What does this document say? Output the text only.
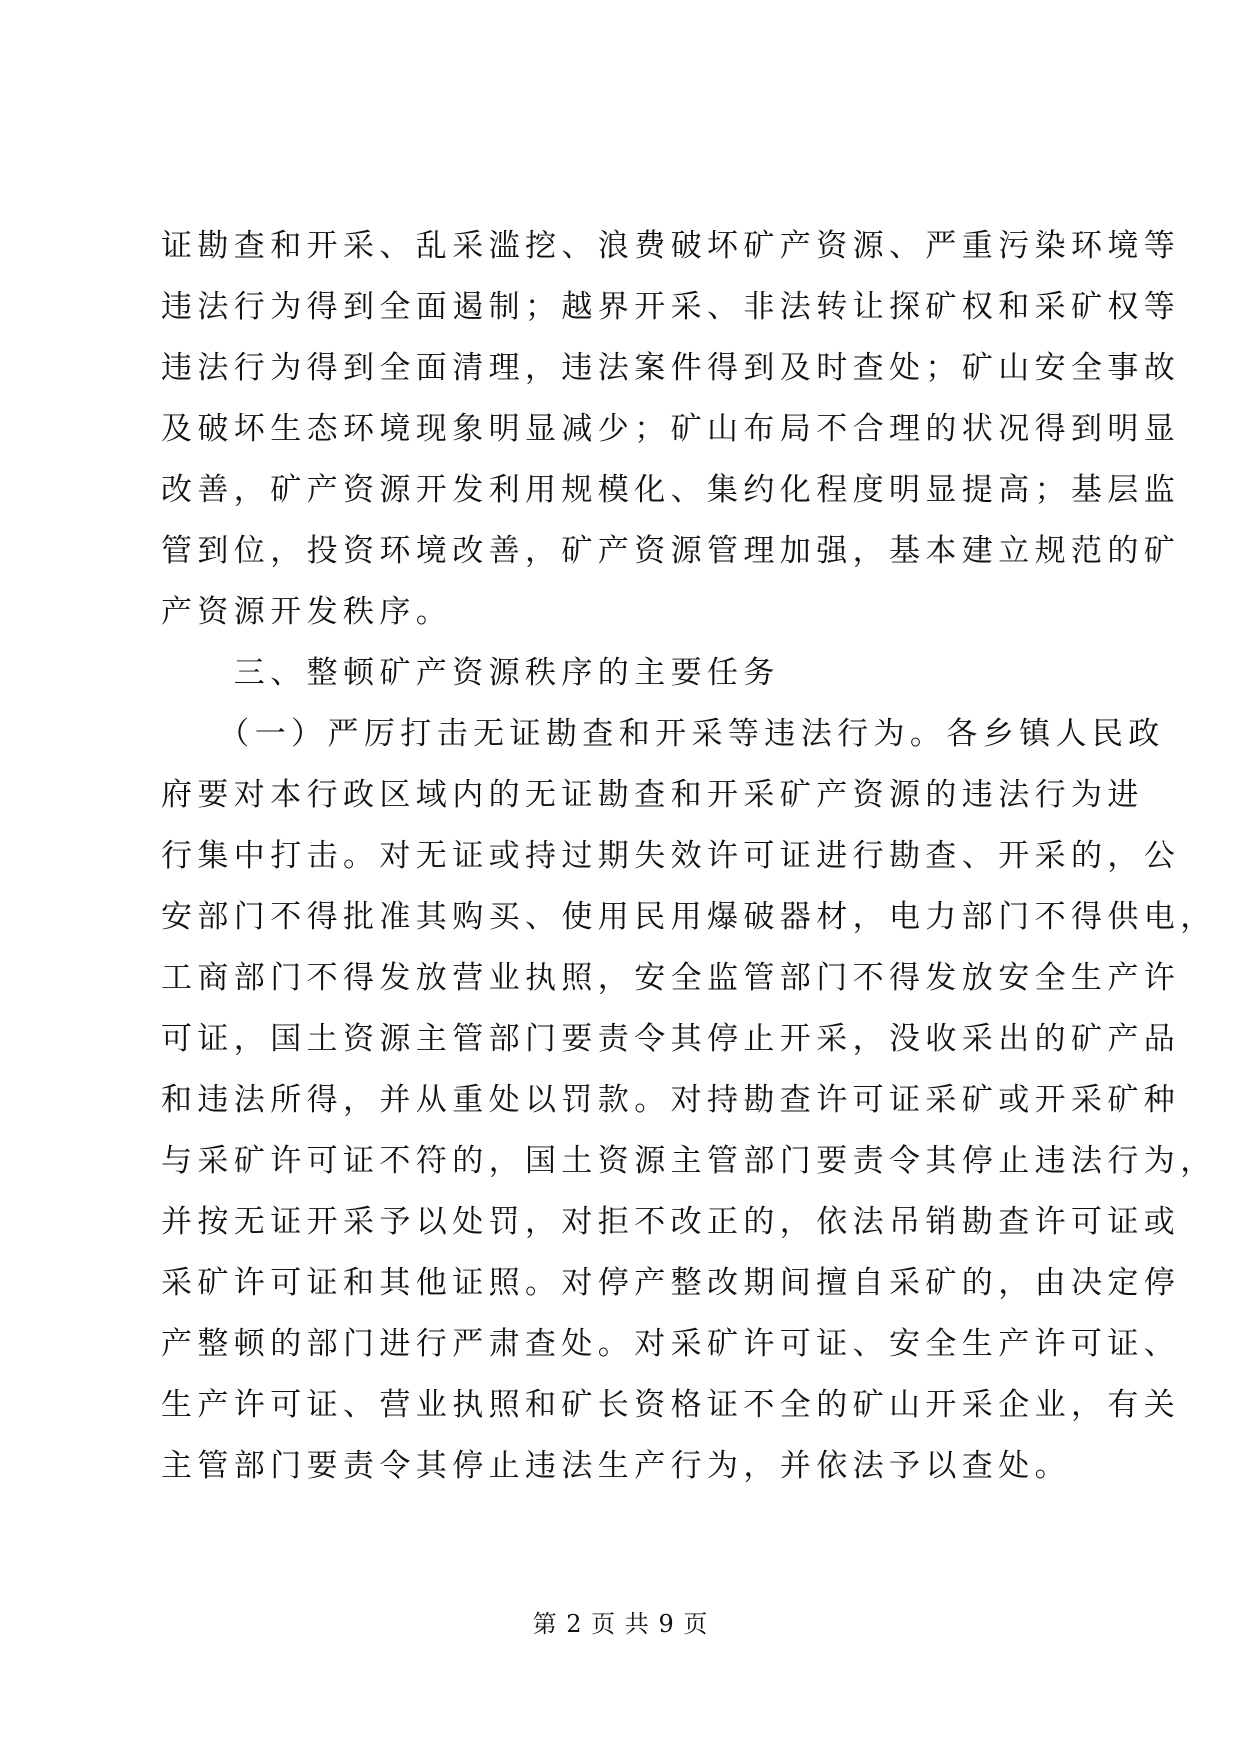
证勘查和开采、乱采滥挖、浪费破坏矿产资源、严重污染环境等
违法行为得到全面遏制；越界开采、非法转让探矿权和采矿权等
违法行为得到全面清理，违法案件得到及时查处；矿山安全事故
及破坏生态环境现象明显减少；矿山布局不合理的状况得到明显
改善，矿产资源开发利用规模化、集约化程度明显提高；基层监
管到位，投资环境改善，矿产资源管理加强，基本建立规范的矿
产资源开发秩序。
　　三、整顿矿产资源秩序的主要任务
　　（一）严厉打击无证勘查和开采等违法行为。各乡镇人民政
府要对本行政区域内的无证勘查和开采矿产资源的违法行为进
行集中打击。对无证或持过期失效许可证进行勘查、开采的，公
安部门不得批准其购买、使用民用爆破器材，电力部门不得供电，
工商部门不得发放营业执照，安全监管部门不得发放安全生产许
可证，国土资源主管部门要责令其停止开采，没收采出的矿产品
和违法所得，并从重处以罚款。对持勘查许可证采矿或开采矿种
与采矿许可证不符的，国土资源主管部门要责令其停止违法行为，
并按无证开采予以处罚，对拒不改正的，依法吊销勘查许可证或
采矿许可证和其他证照。对停产整改期间擅自采矿的，由决定停
产整顿的部门进行严肃查处。对采矿许可证、安全生产许可证、
生产许可证、营业执照和矿长资格证不全的矿山开采企业，有关
主管部门要责令其停止违法生产行为，并依法予以查处。
第 2 页 共 9 页
